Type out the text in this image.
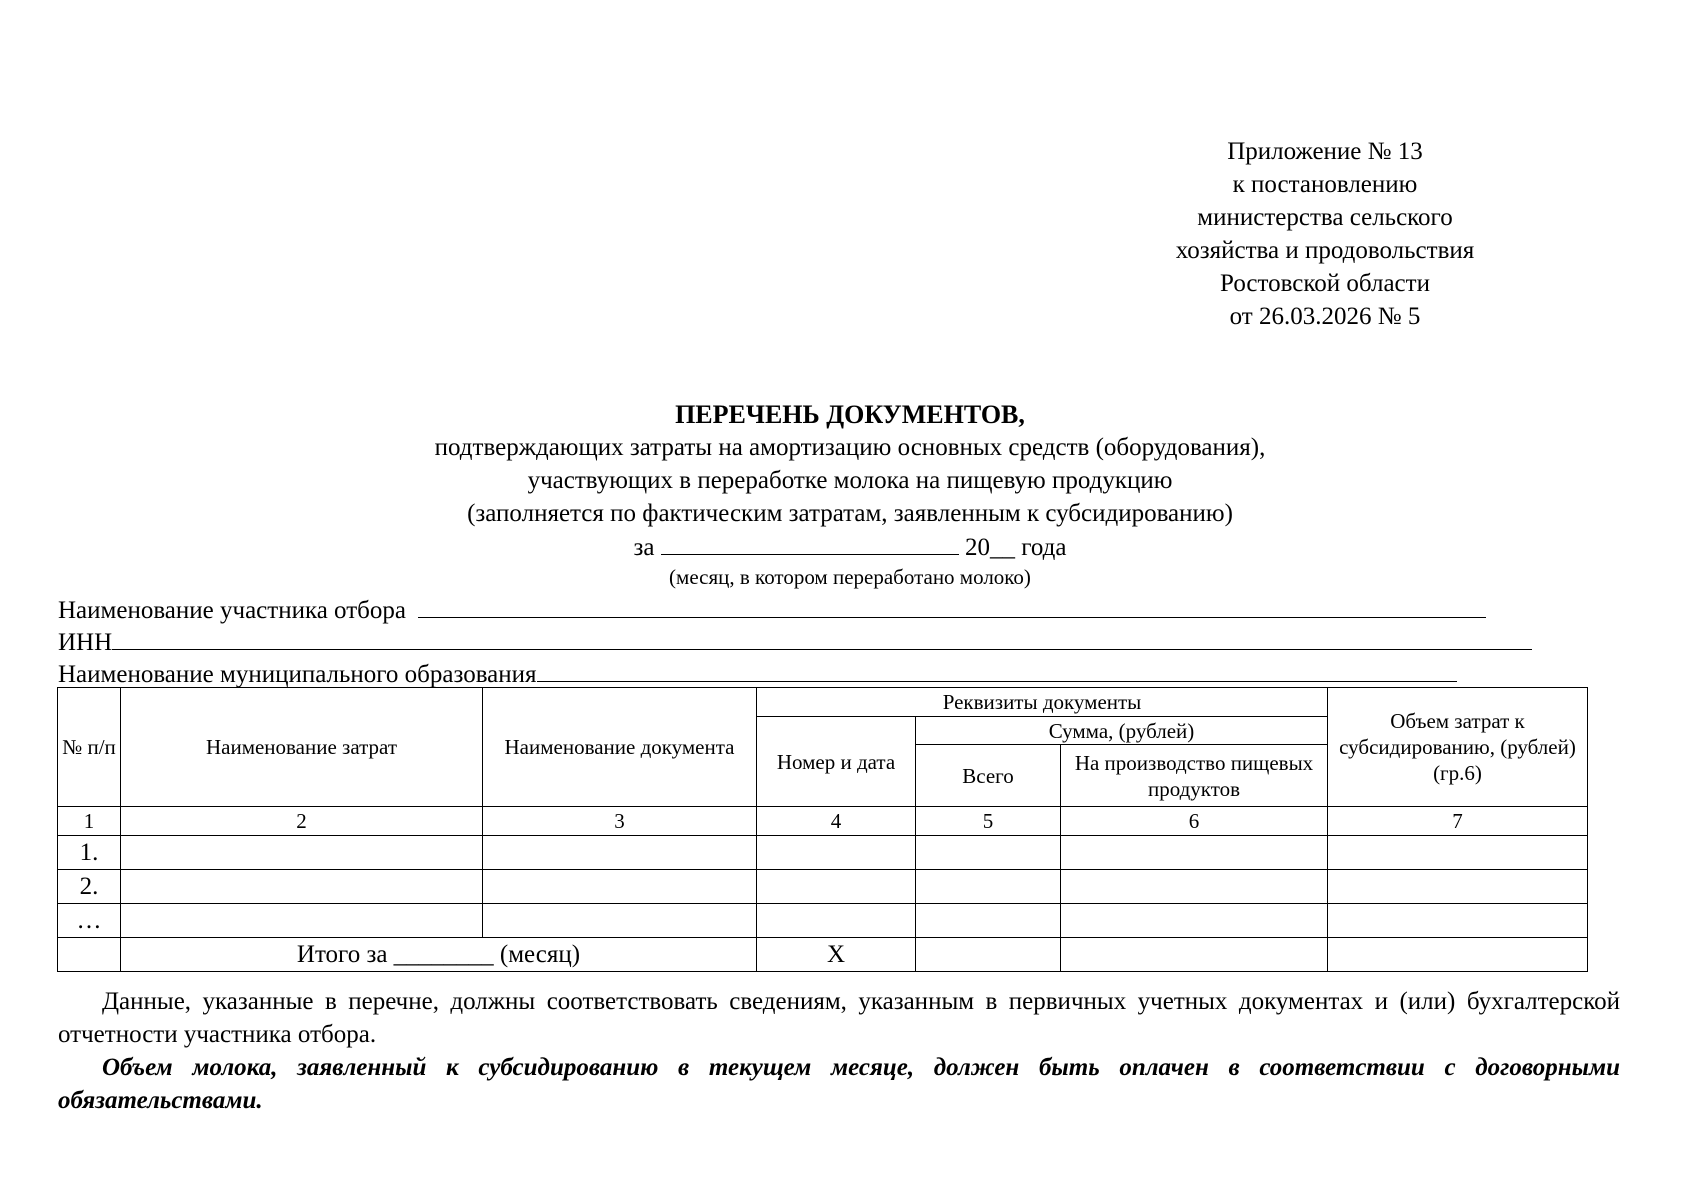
Приложение № 13
к постановлению
министерства сельского
хозяйства и продовольствия
Ростовской области
от 26.03.2026 № 5
ПЕРЕЧЕНЬ ДОКУМЕНТОВ,
подтверждающих затраты на амортизацию основных средств (оборудования),
участвующих в переработке молока на пищевую продукцию
(заполняется по фактическим затратам, заявленным к субсидированию)
за	20__ года
(месяц, в котором переработано молоко)
Наименование участника отбора
ИНН
Наименование муниципального образования
№ п/п	Наименование затрат	Наименование документа	Реквизиты документы			Объем затрат к субсидированию, (рублей) (гр.6)
			Номер и дата	Сумма, (рублей)		
				Всего	На производство пищевых продуктов	
1	2	3	4	5	6	7
1.						
2.						
…						
	Итого за ________ (месяц)		Х			

Данные, указанные в перечне, должны соответствовать сведениям, указанным в первичных учетных документах и (или) бухгалтерской отчетности участника отбора.

Объем молока, заявленный к субсидированию в текущем месяце, должен быть оплачен в соответствии с договорными обязательствами.
